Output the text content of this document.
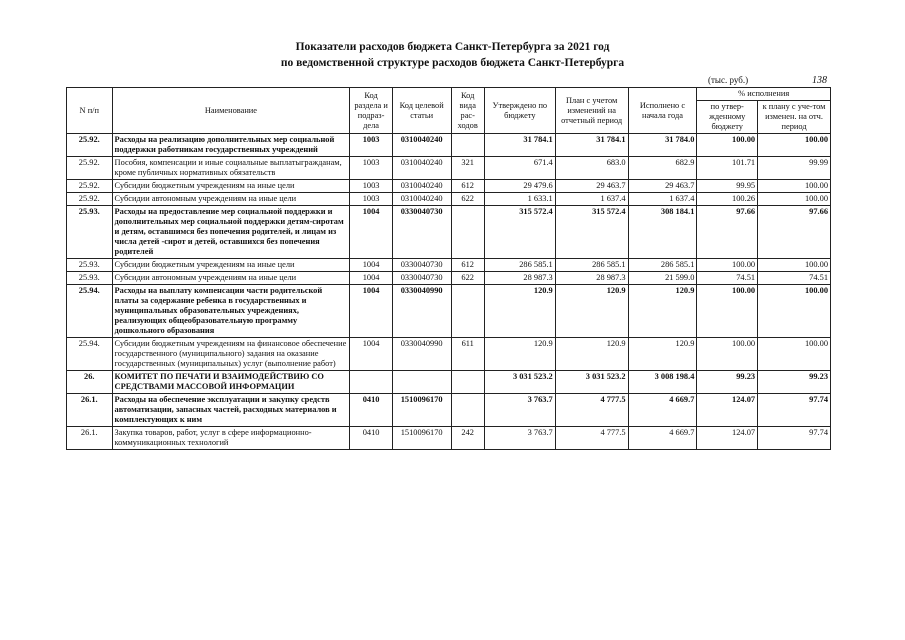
Показатели расходов бюджета Санкт-Петербурга за 2021 год
по ведомственной структуре расходов бюджета Санкт-Петербурга
(тыс. руб.)	138
N п/п	Наименование	Код раздела и подраз-дела	Код целевой статьи	Код вида рас-ходов	Утверждено по бюджету	План с учетом изменений на отчетный период	Исполнено с начала года	% исполнения	
								по утвер-жденному бюджету	к плану с уче-том изменен. на отч. период
25.92.	Расходы на реализацию дополнительных мер социальной поддержки работникам государственных учреждений	1003	0310040240		31 784.1	31 784.1	31 784.0	100.00	100.00
25.92.	Пособия, компенсации и иные социальные выплатыгражданам, кроме публичных нормативных обязательств	1003	0310040240	321	671.4	683.0	682.9	101.71	99.99
25.92.	Субсидии бюджетным учреждениям на иные цели	1003	0310040240	612	29 479.6	29 463.7	29 463.7	99.95	100.00
25.92.	Субсидии автономным учреждениям на иные цели	1003	0310040240	622	1 633.1	1 637.4	1 637.4	100.26	100.00
25.93.	Расходы на предоставление мер социальной поддержки и дополнительных мер социальной поддержки детям-сиротам и детям, оставшимся без попечения родителей, и лицам из числа детей -сирот и детей, оставшихся без попечения родителей	1004	0330040730		315 572.4	315 572.4	308 184.1	97.66	97.66
25.93.	Субсидии бюджетным учреждениям на иные цели	1004	0330040730	612	286 585.1	286 585.1	286 585.1	100.00	100.00
25.93.	Субсидии автономным учреждениям на иные цели	1004	0330040730	622	28 987.3	28 987.3	21 599.0	74.51	74.51
25.94.	Расходы на выплату компенсации части родительской платы за содержание ребенка в государственных и муниципальных образовательных учреждениях, реализующих общеобразовательную программу дошкольного образования	1004	0330040990		120.9	120.9	120.9	100.00	100.00
25.94.	Субсидии бюджетным учреждениям на финансовое обеспечение государственного (муниципального) задания на оказание государственных (муниципальных) услуг (выполнение работ)	1004	0330040990	611	120.9	120.9	120.9	100.00	100.00
26.	КОМИТЕТ ПО ПЕЧАТИ И ВЗАИМОДЕЙСТВИЮ СО СРЕДСТВАМИ МАССОВОЙ ИНФОРМАЦИИ				3 031 523.2	3 031 523.2	3 008 198.4	99.23	99.23
26.1.	Расходы на обеспечение эксплуатации и закупку средств автоматизации, запасных частей, расходных материалов и комплектующих к ним	0410	1510096170		3 763.7	4 777.5	4 669.7	124.07	97.74
26.1.	Закупка товаров, работ, услуг в сфере информационно-коммуникационных технологий	0410	1510096170	242	3 763.7	4 777.5	4 669.7	124.07	97.74
